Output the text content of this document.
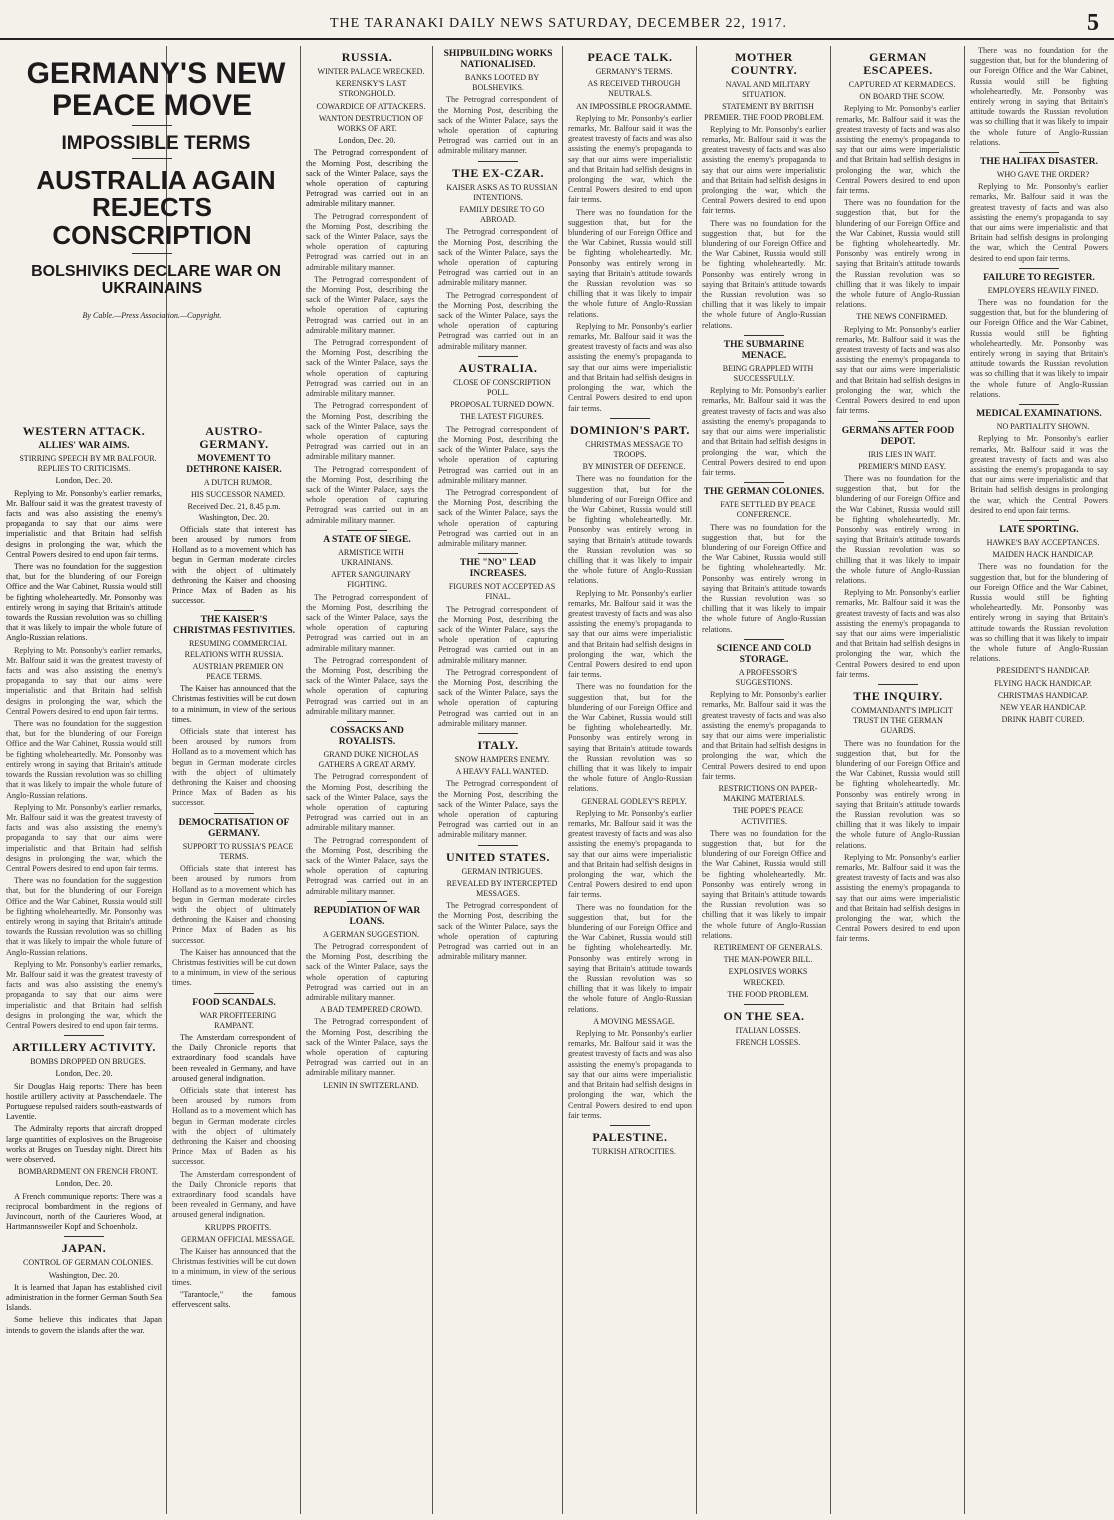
THE TARANAKI DAILY NEWS SATURDAY, DECEMBER 22, 1917.	5

GERMANY'S NEW PEACE MOVE

IMPOSSIBLE TERMS

AUSTRALIA AGAIN REJECTS CONSCRIPTION

BOLSHIVIKS DECLARE WAR ON UKRAINAINS

By Cable.—Press Association.—Copyright.

WESTERN ATTACK.
ALLIES' WAR AIMS.

STIRRING SPEECH BY MR BALFOUR. REPLIES TO CRITICISMS.

London, Dec. 20.

Replying to Mr. Ponsonby's earlier remarks, Mr. Balfour said it was the greatest travesty of facts and was also assisting the enemy's propaganda to say that our aims were imperialistic and that Britain had selfish designs in prolonging the war, which the Central Powers desired to end upon fair terms.

There was no foundation for the suggestion that, but for the blundering of our Foreign Office and the War Cabinet, Russia would still be fighting wholeheartedly. Mr. Ponsonby was entirely wrong in saying that Britain's attitude towards the Russian revolution was so chilling that it was likely to impair the whole future of Anglo-Russian relations.

Replying to Mr. Ponsonby's earlier remarks, Mr. Balfour said it was the greatest travesty of facts and was also assisting the enemy's propaganda to say that our aims were imperialistic and that Britain had selfish designs in prolonging the war, which the Central Powers desired to end upon fair terms.

There was no foundation for the suggestion that, but for the blundering of our Foreign Office and the War Cabinet, Russia would still be fighting wholeheartedly. Mr. Ponsonby was entirely wrong in saying that Britain's attitude towards the Russian revolution was so chilling that it was likely to impair the whole future of Anglo-Russian relations.

Replying to Mr. Ponsonby's earlier remarks, Mr. Balfour said it was the greatest travesty of facts and was also assisting the enemy's propaganda to say that our aims were imperialistic and that Britain had selfish designs in prolonging the war, which the Central Powers desired to end upon fair terms.

There was no foundation for the suggestion that, but for the blundering of our Foreign Office and the War Cabinet, Russia would still be fighting wholeheartedly. Mr. Ponsonby was entirely wrong in saying that Britain's attitude towards the Russian revolution was so chilling that it was likely to impair the whole future of Anglo-Russian relations.

Replying to Mr. Ponsonby's earlier remarks, Mr. Balfour said it was the greatest travesty of facts and was also assisting the enemy's propaganda to say that our aims were imperialistic and that Britain had selfish designs in prolonging the war, which the Central Powers desired to end upon fair terms.

ARTILLERY ACTIVITY.

BOMBS DROPPED ON BRUGES.

London, Dec. 20.

Sir Douglas Haig reports: There has been hostile artillery activity at Passchendaele. The Portuguese repulsed raiders south-eastwards of Laventie.

The Admiralty reports that aircraft dropped large quantities of explosives on the Brugeoise works at Bruges on Tuesday night. Direct hits were observed.

BOMBARDMENT ON FRENCH FRONT.

London, Dec. 20.

A French communique reports: There was a reciprocal bombardment in the regions of Juvincourt, north of the Caurieres Wood, at Hartmannsweiler Kopf and Schoenholz.

JAPAN.

CONTROL OF GERMAN COLONIES.

Washington, Dec. 20.

It is learned that Japan has established civil administration in the former German South Sea Islands.

Some believe this indicates that Japan intends to govern the islands after the war.

AUSTRO-GERMANY.
MOVEMENT TO DETHRONE KAISER.

A DUTCH RUMOR.

HIS SUCCESSOR NAMED.

Received Dec. 21, 8.45 p.m. Washington, Dec. 20.

Officials state that interest has been aroused by rumors from Holland as to a movement which has begun in German moderate circles with the object of ultimately dethroning the Kaiser and choosing Prince Max of Baden as his successor.

THE KAISER'S CHRISTMAS FESTIVITIES.

RESUMING COMMERCIAL RELATIONS WITH RUSSIA.

AUSTRIAN PREMIER ON PEACE TERMS.

The Kaiser has announced that the Christmas festivities will be cut down to a minimum, in view of the serious times.

Officials state that interest has been aroused by rumors from Holland as to a movement which has begun in German moderate circles with the object of ultimately dethroning the Kaiser and choosing Prince Max of Baden as his successor.

DEMOCRATISATION OF GERMANY.

SUPPORT TO RUSSIA'S PEACE TERMS.

Officials state that interest has been aroused by rumors from Holland as to a movement which has begun in German moderate circles with the object of ultimately dethroning the Kaiser and choosing Prince Max of Baden as his successor.

The Kaiser has announced that the Christmas festivities will be cut down to a minimum, in view of the serious times.

FOOD SCANDALS.

WAR PROFITEERING RAMPANT.

The Amsterdam correspondent of the Daily Chronicle reports that extraordinary food scandals have been revealed in Germany, and have aroused general indignation.

Officials state that interest has been aroused by rumors from Holland as to a movement which has begun in German moderate circles with the object of ultimately dethroning the Kaiser and choosing Prince Max of Baden as his successor.

The Amsterdam correspondent of the Daily Chronicle reports that extraordinary food scandals have been revealed in Germany, and have aroused general indignation.

KRUPPS PROFITS.

GERMAN OFFICIAL MESSAGE.

The Kaiser has announced that the Christmas festivities will be cut down to a minimum, in view of the serious times.

"Tarantocle," the famous effervescent salts.

RUSSIA.

WINTER PALACE WRECKED.

KERENSKY'S LAST STRONGHOLD.

COWARDICE OF ATTACKERS.

WANTON DESTRUCTION OF WORKS OF ART.

London, Dec. 20.

The Petrograd correspondent of the Morning Post, describing the sack of the Winter Palace, says the whole operation of capturing Petrograd was carried out in an admirable military manner.

The Petrograd correspondent of the Morning Post, describing the sack of the Winter Palace, says the whole operation of capturing Petrograd was carried out in an admirable military manner.

The Petrograd correspondent of the Morning Post, describing the sack of the Winter Palace, says the whole operation of capturing Petrograd was carried out in an admirable military manner.

The Petrograd correspondent of the Morning Post, describing the sack of the Winter Palace, says the whole operation of capturing Petrograd was carried out in an admirable military manner.

The Petrograd correspondent of the Morning Post, describing the sack of the Winter Palace, says the whole operation of capturing Petrograd was carried out in an admirable military manner.

The Petrograd correspondent of the Morning Post, describing the sack of the Winter Palace, says the whole operation of capturing Petrograd was carried out in an admirable military manner.

A STATE OF SIEGE.

ARMISTICE WITH UKRAINIANS.

AFTER SANGUINARY FIGHTING.

The Petrograd correspondent of the Morning Post, describing the sack of the Winter Palace, says the whole operation of capturing Petrograd was carried out in an admirable military manner.

The Petrograd correspondent of the Morning Post, describing the sack of the Winter Palace, says the whole operation of capturing Petrograd was carried out in an admirable military manner.

COSSACKS AND ROYALISTS.

GRAND DUKE NICHOLAS GATHERS A GREAT ARMY.

The Petrograd correspondent of the Morning Post, describing the sack of the Winter Palace, says the whole operation of capturing Petrograd was carried out in an admirable military manner.

The Petrograd correspondent of the Morning Post, describing the sack of the Winter Palace, says the whole operation of capturing Petrograd was carried out in an admirable military manner.

REPUDIATION OF WAR LOANS.

A GERMAN SUGGESTION.

The Petrograd correspondent of the Morning Post, describing the sack of the Winter Palace, says the whole operation of capturing Petrograd was carried out in an admirable military manner.

A BAD TEMPERED CROWD.

The Petrograd correspondent of the Morning Post, describing the sack of the Winter Palace, says the whole operation of capturing Petrograd was carried out in an admirable military manner.

LENIN IN SWITZERLAND.

SHIPBUILDING WORKS NATIONALISED.

BANKS LOOTED BY BOLSHEVIKS.

The Petrograd correspondent of the Morning Post, describing the sack of the Winter Palace, says the whole operation of capturing Petrograd was carried out in an admirable military manner.

THE EX-CZAR.

KAISER ASKS AS TO RUSSIAN INTENTIONS.

FAMILY DESIRE TO GO ABROAD.

The Petrograd correspondent of the Morning Post, describing the sack of the Winter Palace, says the whole operation of capturing Petrograd was carried out in an admirable military manner.

The Petrograd correspondent of the Morning Post, describing the sack of the Winter Palace, says the whole operation of capturing Petrograd was carried out in an admirable military manner.

AUSTRALIA.

CLOSE OF CONSCRIPTION POLL.

PROPOSAL TURNED DOWN.

THE LATEST FIGURES.

The Petrograd correspondent of the Morning Post, describing the sack of the Winter Palace, says the whole operation of capturing Petrograd was carried out in an admirable military manner.

The Petrograd correspondent of the Morning Post, describing the sack of the Winter Palace, says the whole operation of capturing Petrograd was carried out in an admirable military manner.

THE "NO" LEAD INCREASES.

FIGURES NOT ACCEPTED AS FINAL.

The Petrograd correspondent of the Morning Post, describing the sack of the Winter Palace, says the whole operation of capturing Petrograd was carried out in an admirable military manner.

The Petrograd correspondent of the Morning Post, describing the sack of the Winter Palace, says the whole operation of capturing Petrograd was carried out in an admirable military manner.

ITALY.

SNOW HAMPERS ENEMY.

A HEAVY FALL WANTED.

The Petrograd correspondent of the Morning Post, describing the sack of the Winter Palace, says the whole operation of capturing Petrograd was carried out in an admirable military manner.

UNITED STATES.

GERMAN INTRIGUES.

REVEALED BY INTERCEPTED MESSAGES.

The Petrograd correspondent of the Morning Post, describing the sack of the Winter Palace, says the whole operation of capturing Petrograd was carried out in an admirable military manner.

PEACE TALK.

GERMANY'S TERMS.

AS RECEIVED THROUGH NEUTRALS.

AN IMPOSSIBLE PROGRAMME.

Replying to Mr. Ponsonby's earlier remarks, Mr. Balfour said it was the greatest travesty of facts and was also assisting the enemy's propaganda to say that our aims were imperialistic and that Britain had selfish designs in prolonging the war, which the Central Powers desired to end upon fair terms.

There was no foundation for the suggestion that, but for the blundering of our Foreign Office and the War Cabinet, Russia would still be fighting wholeheartedly. Mr. Ponsonby was entirely wrong in saying that Britain's attitude towards the Russian revolution was so chilling that it was likely to impair the whole future of Anglo-Russian relations.

Replying to Mr. Ponsonby's earlier remarks, Mr. Balfour said it was the greatest travesty of facts and was also assisting the enemy's propaganda to say that our aims were imperialistic and that Britain had selfish designs in prolonging the war, which the Central Powers desired to end upon fair terms.

DOMINION'S PART.

CHRISTMAS MESSAGE TO TROOPS.

BY MINISTER OF DEFENCE.

There was no foundation for the suggestion that, but for the blundering of our Foreign Office and the War Cabinet, Russia would still be fighting wholeheartedly. Mr. Ponsonby was entirely wrong in saying that Britain's attitude towards the Russian revolution was so chilling that it was likely to impair the whole future of Anglo-Russian relations.

Replying to Mr. Ponsonby's earlier remarks, Mr. Balfour said it was the greatest travesty of facts and was also assisting the enemy's propaganda to say that our aims were imperialistic and that Britain had selfish designs in prolonging the war, which the Central Powers desired to end upon fair terms.

There was no foundation for the suggestion that, but for the blundering of our Foreign Office and the War Cabinet, Russia would still be fighting wholeheartedly. Mr. Ponsonby was entirely wrong in saying that Britain's attitude towards the Russian revolution was so chilling that it was likely to impair the whole future of Anglo-Russian relations.

GENERAL GODLEY'S REPLY.

Replying to Mr. Ponsonby's earlier remarks, Mr. Balfour said it was the greatest travesty of facts and was also assisting the enemy's propaganda to say that our aims were imperialistic and that Britain had selfish designs in prolonging the war, which the Central Powers desired to end upon fair terms.

There was no foundation for the suggestion that, but for the blundering of our Foreign Office and the War Cabinet, Russia would still be fighting wholeheartedly. Mr. Ponsonby was entirely wrong in saying that Britain's attitude towards the Russian revolution was so chilling that it was likely to impair the whole future of Anglo-Russian relations.

A MOVING MESSAGE.

Replying to Mr. Ponsonby's earlier remarks, Mr. Balfour said it was the greatest travesty of facts and was also assisting the enemy's propaganda to say that our aims were imperialistic and that Britain had selfish designs in prolonging the war, which the Central Powers desired to end upon fair terms.

PALESTINE.

TURKISH ATROCITIES.

MOTHER COUNTRY.

NAVAL AND MILITARY SITUATION.

STATEMENT BY BRITISH PREMIER. THE FOOD PROBLEM.

Replying to Mr. Ponsonby's earlier remarks, Mr. Balfour said it was the greatest travesty of facts and was also assisting the enemy's propaganda to say that our aims were imperialistic and that Britain had selfish designs in prolonging the war, which the Central Powers desired to end upon fair terms.

There was no foundation for the suggestion that, but for the blundering of our Foreign Office and the War Cabinet, Russia would still be fighting wholeheartedly. Mr. Ponsonby was entirely wrong in saying that Britain's attitude towards the Russian revolution was so chilling that it was likely to impair the whole future of Anglo-Russian relations.

THE SUBMARINE MENACE.

BEING GRAPPLED WITH SUCCESSFULLY.

Replying to Mr. Ponsonby's earlier remarks, Mr. Balfour said it was the greatest travesty of facts and was also assisting the enemy's propaganda to say that our aims were imperialistic and that Britain had selfish designs in prolonging the war, which the Central Powers desired to end upon fair terms.

THE GERMAN COLONIES.

FATE SETTLED BY PEACE CONFERENCE.

There was no foundation for the suggestion that, but for the blundering of our Foreign Office and the War Cabinet, Russia would still be fighting wholeheartedly. Mr. Ponsonby was entirely wrong in saying that Britain's attitude towards the Russian revolution was so chilling that it was likely to impair the whole future of Anglo-Russian relations.

SCIENCE AND COLD STORAGE.

A PROFESSOR'S SUGGESTIONS.

Replying to Mr. Ponsonby's earlier remarks, Mr. Balfour said it was the greatest travesty of facts and was also assisting the enemy's propaganda to say that our aims were imperialistic and that Britain had selfish designs in prolonging the war, which the Central Powers desired to end upon fair terms.

RESTRICTIONS ON PAPER-MAKING MATERIALS.

THE POPE'S PEACE ACTIVITIES.

There was no foundation for the suggestion that, but for the blundering of our Foreign Office and the War Cabinet, Russia would still be fighting wholeheartedly. Mr. Ponsonby was entirely wrong in saying that Britain's attitude towards the Russian revolution was so chilling that it was likely to impair the whole future of Anglo-Russian relations.

RETIREMENT OF GENERALS.

THE MAN-POWER BILL.

EXPLOSIVES WORKS WRECKED.

THE FOOD PROBLEM.

ON THE SEA.

ITALIAN LOSSES.

FRENCH LOSSES.

GERMAN ESCAPEES.

CAPTURED AT KERMADECS.

ON BOARD THE SCOW.

Replying to Mr. Ponsonby's earlier remarks, Mr. Balfour said it was the greatest travesty of facts and was also assisting the enemy's propaganda to say that our aims were imperialistic and that Britain had selfish designs in prolonging the war, which the Central Powers desired to end upon fair terms.

There was no foundation for the suggestion that, but for the blundering of our Foreign Office and the War Cabinet, Russia would still be fighting wholeheartedly. Mr. Ponsonby was entirely wrong in saying that Britain's attitude towards the Russian revolution was so chilling that it was likely to impair the whole future of Anglo-Russian relations.

THE NEWS CONFIRMED.

Replying to Mr. Ponsonby's earlier remarks, Mr. Balfour said it was the greatest travesty of facts and was also assisting the enemy's propaganda to say that our aims were imperialistic and that Britain had selfish designs in prolonging the war, which the Central Powers desired to end upon fair terms.

GERMANS AFTER FOOD DEPOT.

IRIS LIES IN WAIT.

PREMIER'S MIND EASY.

There was no foundation for the suggestion that, but for the blundering of our Foreign Office and the War Cabinet, Russia would still be fighting wholeheartedly. Mr. Ponsonby was entirely wrong in saying that Britain's attitude towards the Russian revolution was so chilling that it was likely to impair the whole future of Anglo-Russian relations.

Replying to Mr. Ponsonby's earlier remarks, Mr. Balfour said it was the greatest travesty of facts and was also assisting the enemy's propaganda to say that our aims were imperialistic and that Britain had selfish designs in prolonging the war, which the Central Powers desired to end upon fair terms.

THE INQUIRY.

COMMANDANT'S IMPLICIT TRUST IN THE GERMAN GUARDS.

There was no foundation for the suggestion that, but for the blundering of our Foreign Office and the War Cabinet, Russia would still be fighting wholeheartedly. Mr. Ponsonby was entirely wrong in saying that Britain's attitude towards the Russian revolution was so chilling that it was likely to impair the whole future of Anglo-Russian relations.

Replying to Mr. Ponsonby's earlier remarks, Mr. Balfour said it was the greatest travesty of facts and was also assisting the enemy's propaganda to say that our aims were imperialistic and that Britain had selfish designs in prolonging the war, which the Central Powers desired to end upon fair terms.

There was no foundation for the suggestion that, but for the blundering of our Foreign Office and the War Cabinet, Russia would still be fighting wholeheartedly. Mr. Ponsonby was entirely wrong in saying that Britain's attitude towards the Russian revolution was so chilling that it was likely to impair the whole future of Anglo-Russian relations.

THE HALIFAX DISASTER.

WHO GAVE THE ORDER?

Replying to Mr. Ponsonby's earlier remarks, Mr. Balfour said it was the greatest travesty of facts and was also assisting the enemy's propaganda to say that our aims were imperialistic and that Britain had selfish designs in prolonging the war, which the Central Powers desired to end upon fair terms.

FAILURE TO REGISTER.

EMPLOYERS HEAVILY FINED.

There was no foundation for the suggestion that, but for the blundering of our Foreign Office and the War Cabinet, Russia would still be fighting wholeheartedly. Mr. Ponsonby was entirely wrong in saying that Britain's attitude towards the Russian revolution was so chilling that it was likely to impair the whole future of Anglo-Russian relations.

MEDICAL EXAMINATIONS.

NO PARTIALITY SHOWN.

Replying to Mr. Ponsonby's earlier remarks, Mr. Balfour said it was the greatest travesty of facts and was also assisting the enemy's propaganda to say that our aims were imperialistic and that Britain had selfish designs in prolonging the war, which the Central Powers desired to end upon fair terms.

LATE SPORTING.

HAWKE'S BAY ACCEPTANCES.

MAIDEN HACK HANDICAP.

There was no foundation for the suggestion that, but for the blundering of our Foreign Office and the War Cabinet, Russia would still be fighting wholeheartedly. Mr. Ponsonby was entirely wrong in saying that Britain's attitude towards the Russian revolution was so chilling that it was likely to impair the whole future of Anglo-Russian relations.

PRESIDENT'S HANDICAP.

FLYING HACK HANDICAP.

CHRISTMAS HANDICAP.

NEW YEAR HANDICAP.

DRINK HABIT CURED.
